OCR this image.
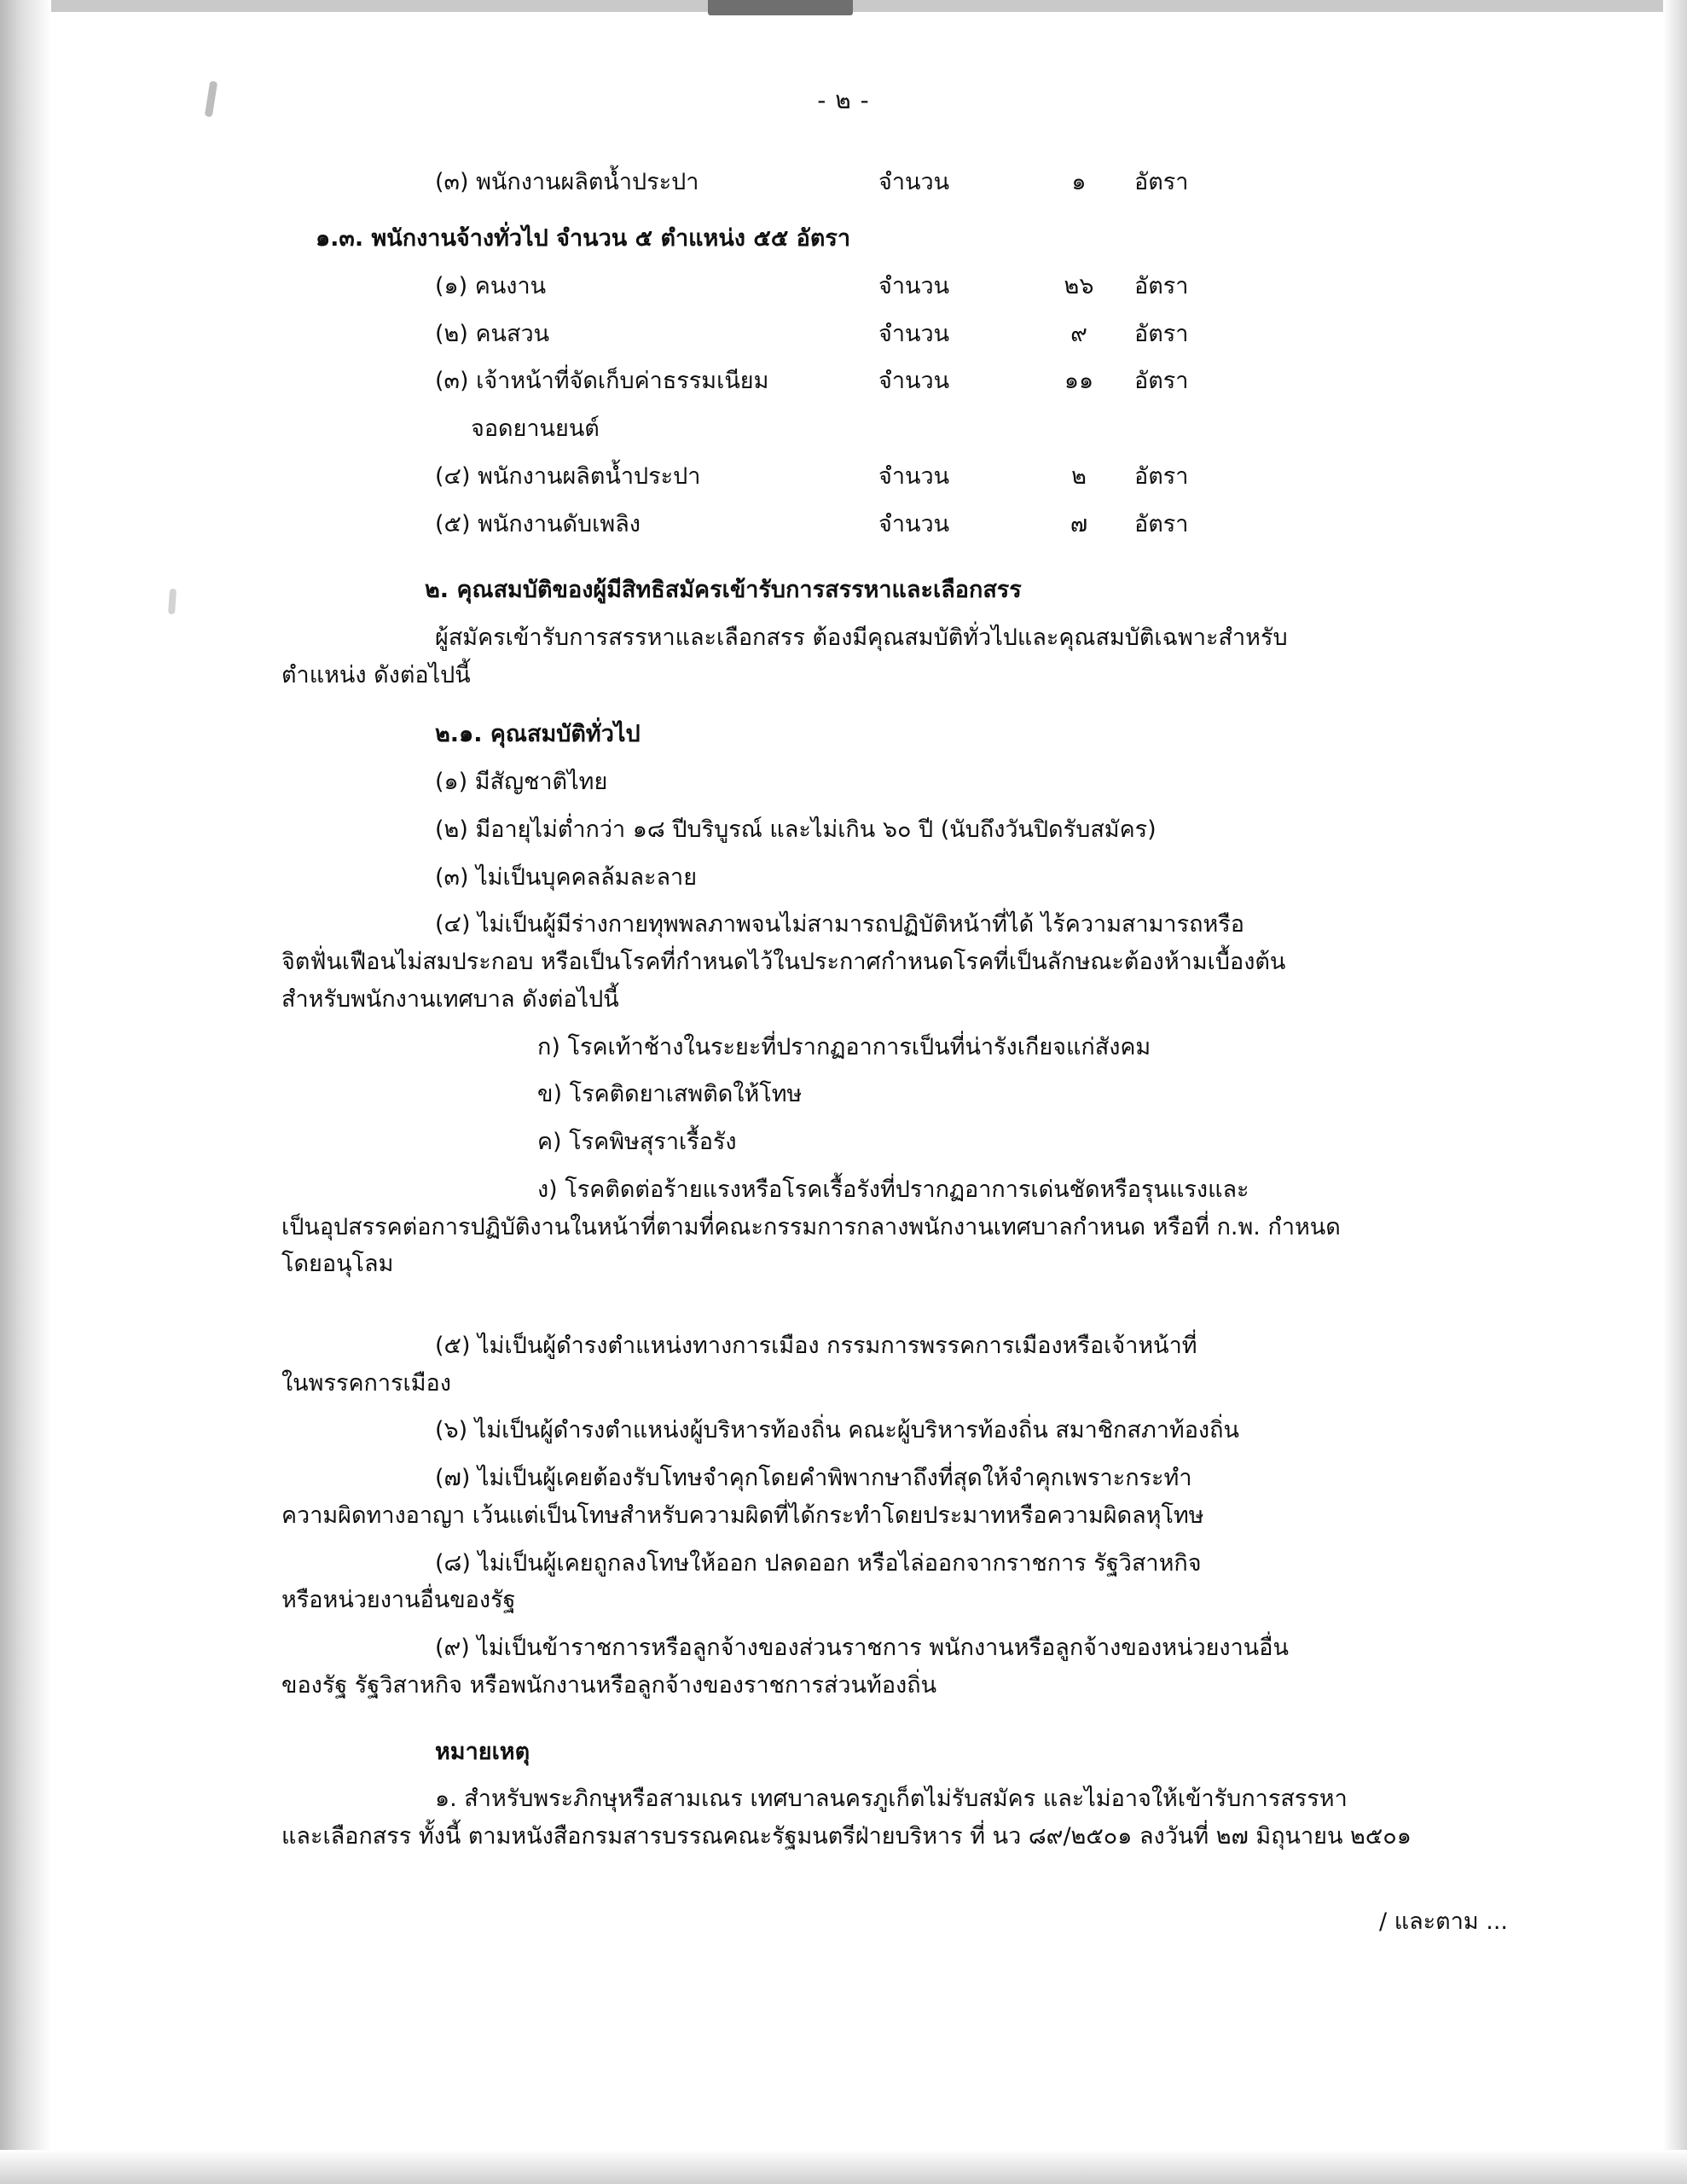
- ๒ -
(๓) พนักงานผลิตน้ำประปา	จำนวน	๑	อัตรา
๑.๓. พนักงานจ้างทั่วไป จำนวน ๕ ตำแหน่ง ๕๕ อัตรา
(๑) คนงาน	จำนวน	๒๖	อัตรา
(๒) คนสวน	จำนวน	๙	อัตรา
(๓) เจ้าหน้าที่จัดเก็บค่าธรรมเนียม	จำนวน	๑๑	อัตรา
จอดยานยนต์
(๔) พนักงานผลิตน้ำประปา	จำนวน	๒	อัตรา
(๕) พนักงานดับเพลิง	จำนวน	๗	อัตรา
๒. คุณสมบัติของผู้มีสิทธิสมัครเข้ารับการสรรหาและเลือกสรร
ผู้สมัครเข้ารับการสรรหาและเลือกสรร ต้องมีคุณสมบัติทั่วไปและคุณสมบัติเฉพาะสำหรับ
ตำแหน่ง ดังต่อไปนี้
๒.๑. คุณสมบัติทั่วไป
(๑) มีสัญชาติไทย
(๒) มีอายุไม่ต่ำกว่า ๑๘ ปีบริบูรณ์ และไม่เกิน ๖๐ ปี (นับถึงวันปิดรับสมัคร)
(๓) ไม่เป็นบุคคลล้มละลาย
(๔) ไม่เป็นผู้มีร่างกายทุพพลภาพจนไม่สามารถปฏิบัติหน้าที่ได้ ไร้ความสามารถหรือ
จิตฟั่นเฟือนไม่สมประกอบ หรือเป็นโรคที่กำหนดไว้ในประกาศกำหนดโรคที่เป็นลักษณะต้องห้ามเบื้องต้น
สำหรับพนักงานเทศบาล ดังต่อไปนี้
ก) โรคเท้าช้างในระยะที่ปรากฏอาการเป็นที่น่ารังเกียจแก่สังคม
ข) โรคติดยาเสพติดให้โทษ
ค) โรคพิษสุราเรื้อรัง
ง) โรคติดต่อร้ายแรงหรือโรคเรื้อรังที่ปรากฏอาการเด่นชัดหรือรุนแรงและ
เป็นอุปสรรคต่อการปฏิบัติงานในหน้าที่ตามที่คณะกรรมการกลางพนักงานเทศบาลกำหนด หรือที่ ก.พ. กำหนด
โดยอนุโลม
(๕) ไม่เป็นผู้ดำรงตำแหน่งทางการเมือง กรรมการพรรคการเมืองหรือเจ้าหน้าที่
ในพรรคการเมือง
(๖) ไม่เป็นผู้ดำรงตำแหน่งผู้บริหารท้องถิ่น คณะผู้บริหารท้องถิ่น สมาชิกสภาท้องถิ่น
(๗) ไม่เป็นผู้เคยต้องรับโทษจำคุกโดยคำพิพากษาถึงที่สุดให้จำคุกเพราะกระทำ
ความผิดทางอาญา เว้นแต่เป็นโทษสำหรับความผิดที่ได้กระทำโดยประมาทหรือความผิดลหุโทษ
(๘) ไม่เป็นผู้เคยถูกลงโทษให้ออก ปลดออก หรือไล่ออกจากราชการ รัฐวิสาหกิจ
หรือหน่วยงานอื่นของรัฐ
(๙) ไม่เป็นข้าราชการหรือลูกจ้างของส่วนราชการ พนักงานหรือลูกจ้างของหน่วยงานอื่น
ของรัฐ รัฐวิสาหกิจ หรือพนักงานหรือลูกจ้างของราชการส่วนท้องถิ่น
หมายเหตุ
๑. สำหรับพระภิกษุหรือสามเณร เทศบาลนครภูเก็ตไม่รับสมัคร และไม่อาจให้เข้ารับการสรรหา
และเลือกสรร ทั้งนี้ ตามหนังสือกรมสารบรรณคณะรัฐมนตรีฝ่ายบริหาร ที่ นว ๘๙/๒๕๐๑ ลงวันที่ ๒๗ มิถุนายน ๒๕๐๑
/ และตาม ...
